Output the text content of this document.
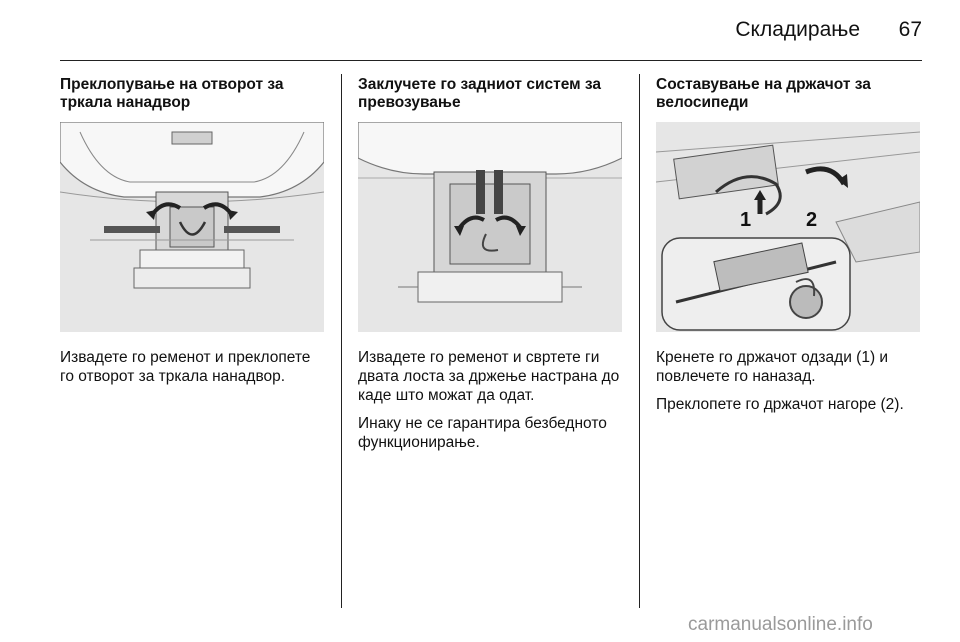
Складирање	67
Преклопување на отворот за тркала нанадвор

Извадете го ременот и преклопете го отворот за тркала нанадвор.

Заклучете го задниот систем за превозување

Извадете го ременот и свртете ги двата лоста за држење настрана до каде што можат да одат.

Инаку не се гарантира безбедното функционирање.

Составување на држачот за велосипеди
1	2

Кренете го држачот одзади (1) и повлечете го наназад.

Преклопете го држачот нагоре (2).

carmanualsonline.info
